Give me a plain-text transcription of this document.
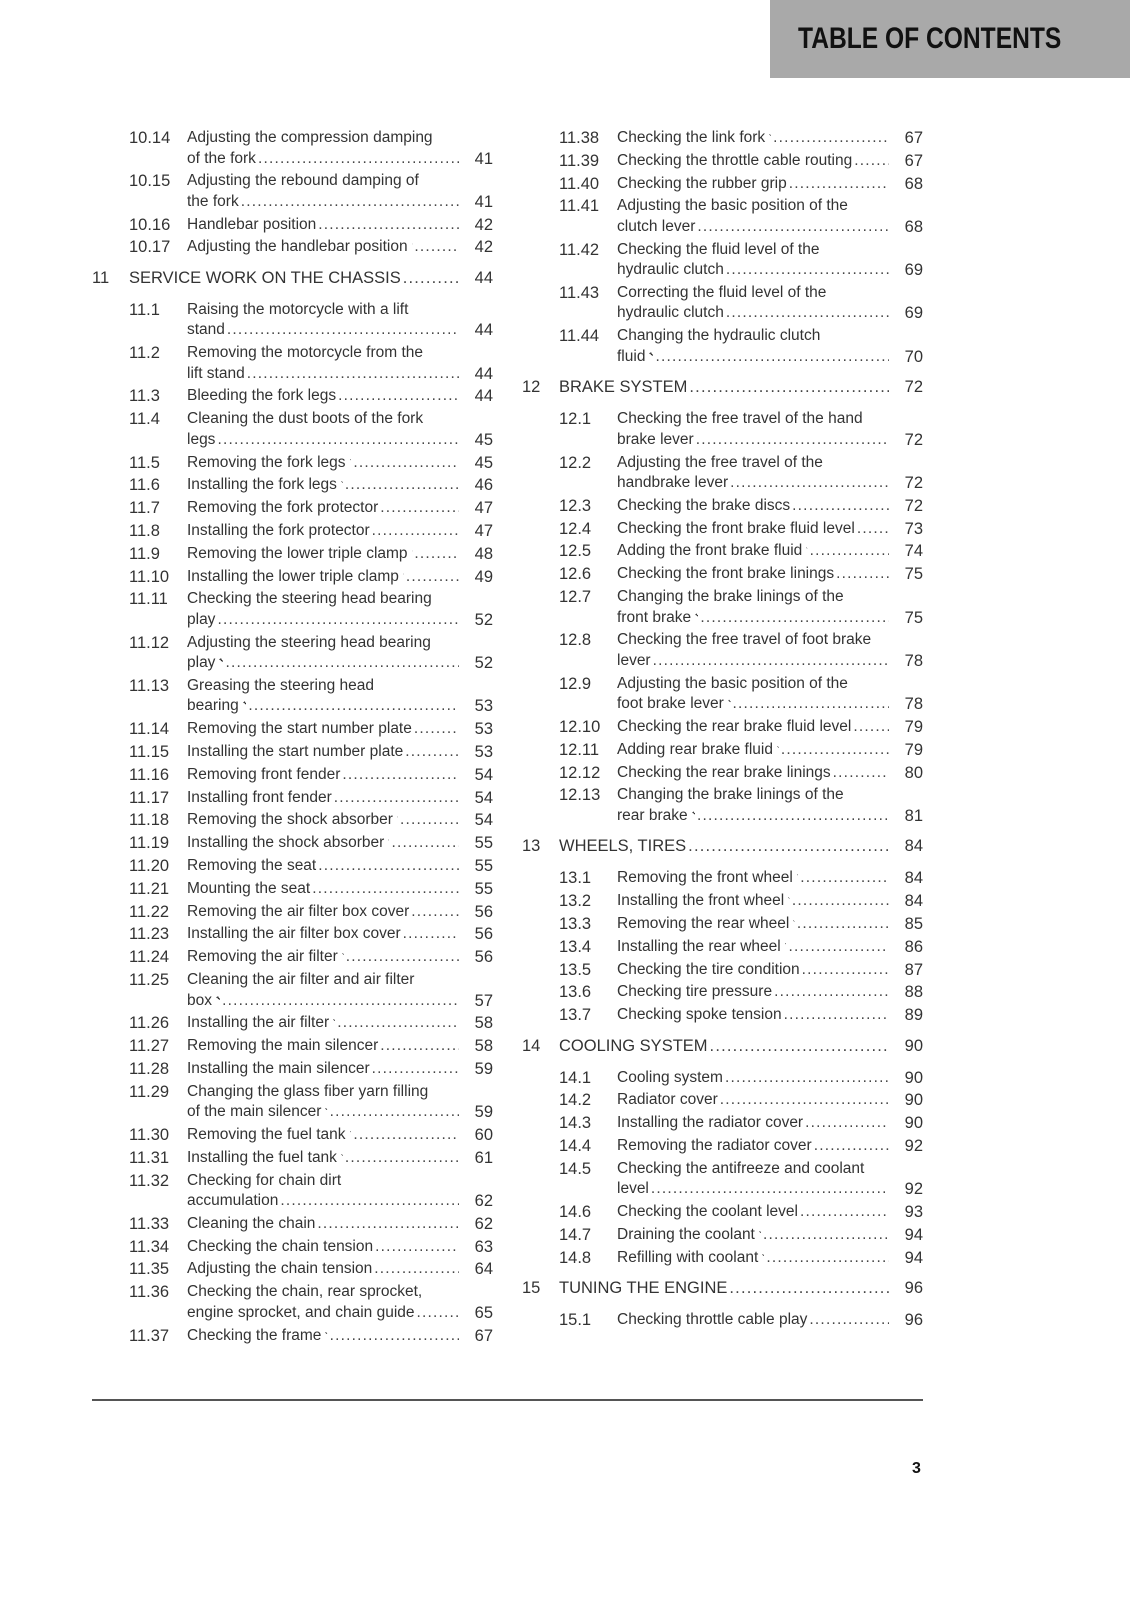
TABLE OF CONTENTS
10.14 Adjusting the compression damping
of the fork .....	41
10.15 Adjusting the rebound damping of
the fork .....	41
10.16 Handlebar position .....	42
10.17 Adjusting the handlebar position .....	42
11 SERVICE WORK ON THE CHASSIS .....	44
11.1 Raising the motorcycle with a lift
stand .....	44
11.2 Removing the motorcycle from the
lift stand .....	44
11.3 Bleeding the fork legs .....	44
11.4 Cleaning the dust boots of the fork
legs .....	45
11.5 Removing the fork legs .....	45
11.6 Installing the fork legs .....	46
11.7 Removing the fork protector .....	47
11.8 Installing the fork protector .....	47
11.9 Removing the lower triple clamp .....	48
11.10 Installing the lower triple clamp .....	49
11.11 Checking the steering head bearing
play .....	52
11.12 Adjusting the steering head bearing
play .....	52
11.13 Greasing the steering head
bearing .....	53
11.14 Removing the start number plate .....	53
11.15 Installing the start number plate .....	53
11.16 Removing front fender .....	54
11.17 Installing front fender .....	54
11.18 Removing the shock absorber .....	54
11.19 Installing the shock absorber .....	55
11.20 Removing the seat .....	55
11.21 Mounting the seat .....	55
11.22 Removing the air filter box cover .....	56
11.23 Installing the air filter box cover .....	56
11.24 Removing the air filter .....	56
11.25 Cleaning the air filter and air filter
box .....	57
11.26 Installing the air filter .....	58
11.27 Removing the main silencer .....	58
11.28 Installing the main silencer .....	59
11.29 Changing the glass fiber yarn filling
of the main silencer .....	59
11.30 Removing the fuel tank .....	60
11.31 Installing the fuel tank .....	61
11.32 Checking for chain dirt
accumulation .....	62
11.33 Cleaning the chain .....	62
11.34 Checking the chain tension .....	63
11.35 Adjusting the chain tension .....	64
11.36 Checking the chain, rear sprocket,
engine sprocket, and chain guide .....	65
11.37 Checking the frame .....	67
11.38 Checking the link fork .....	67
11.39 Checking the throttle cable routing .....	67
11.40 Checking the rubber grip .....	68
11.41 Adjusting the basic position of the
clutch lever .....	68
11.42 Checking the fluid level of the
hydraulic clutch .....	69
11.43 Correcting the fluid level of the
hydraulic clutch .....	69
11.44 Changing the hydraulic clutch
fluid .....	70
12 BRAKE SYSTEM .....	72
12.1 Checking the free travel of the hand
brake lever .....	72
12.2 Adjusting the free travel of the
handbrake lever .....	72
12.3 Checking the brake discs .....	72
12.4 Checking the front brake fluid level .....	73
12.5 Adding the front brake fluid .....	74
12.6 Checking the front brake linings .....	75
12.7 Changing the brake linings of the
front brake .....	75
12.8 Checking the free travel of foot brake
lever .....	78
12.9 Adjusting the basic position of the
foot brake lever .....	78
12.10 Checking the rear brake fluid level .....	79
12.11 Adding rear brake fluid .....	79
12.12 Checking the rear brake linings .....	80
12.13 Changing the brake linings of the
rear brake .....	81
13 WHEELS, TIRES .....	84
13.1 Removing the front wheel .....	84
13.2 Installing the front wheel .....	84
13.3 Removing the rear wheel .....	85
13.4 Installing the rear wheel .....	86
13.5 Checking the tire condition .....	87
13.6 Checking tire pressure .....	88
13.7 Checking spoke tension .....	89
14 COOLING SYSTEM .....	90
14.1 Cooling system .....	90
14.2 Radiator cover .....	90
14.3 Installing the radiator cover .....	90
14.4 Removing the radiator cover .....	92
14.5 Checking the antifreeze and coolant
level .....	92
14.6 Checking the coolant level .....	93
14.7 Draining the coolant .....	94
14.8 Refilling with coolant .....	94
15 TUNING THE ENGINE .....	96
15.1 Checking throttle cable play .....	96
3
